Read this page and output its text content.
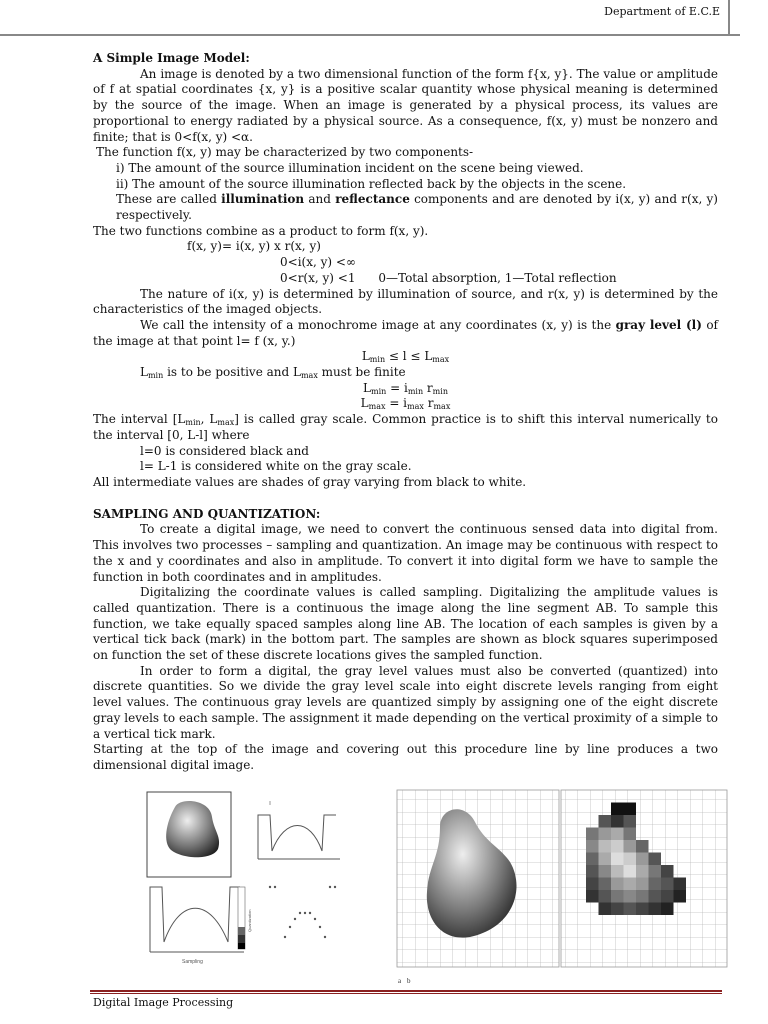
Department of E.C.E

A Simple Image Model:

An image is denoted by a two dimensional function of the form f{x, y}. The value or amplitude of f at spatial coordinates {x, y} is a positive scalar quantity whose physical meaning is determined by the source of the image. When an image is generated by a physical process, its values are proportional to energy radiated by a physical source. As a consequence, f(x, y) must be nonzero and finite; that is 0<f(x, y) <α.

The function f(x, y) may be characterized by two components-

i) The amount of the source illumination incident on the scene being viewed.

ii) The amount of the source illumination reflected back by the objects in the scene.

These are called illumination and reflectance components and are denoted by i(x, y) and r(x, y) respectively.

The two functions combine as a product to form f(x, y).

f(x, y)= i(x, y) x r(x, y)

0<i(x, y) <∞

0<r(x, y) <1      0—Total absorption, 1—Total reflection

The nature of i(x, y) is determined by illumination of source, and r(x, y) is determined by the characteristics of the imaged objects.

We call the intensity of a monochrome image at any coordinates (x, y) is the gray level (l) of the image at that point l= f (x, y.)

$L_{min} \le l \le L_{max}$

$L_{min}$ is to be positive and $L_{max}$ must be finite

$L_{min} = i_{min}$ $r_{min}$

$L_{max} = i_{max}$ $r_{max}$

The interval [$L_{min}$, $L_{max}$] is called gray scale. Common practice is to shift this interval numerically to the interval [0, L-l] where

l=0 is considered black and

l= L-1 is considered white on the gray scale.

All intermediate values are shades of gray varying from black to white.

SAMPLING AND QUANTIZATION:

To create a digital image, we need to convert the continuous sensed data into digital from. This involves two processes – sampling and quantization. An image may be continuous with respect to the x and y coordinates and also in amplitude. To convert it into digital form we have to sample the function in both coordinates and in amplitudes.

Digitalizing the coordinate values is called sampling. Digitalizing the amplitude values is called quantization. There is a continuous the image along the line segment AB. To sample this function, we take equally spaced samples along line AB. The location of each samples is given by a vertical tick back (mark) in the bottom part. The samples are shown as block squares superimposed on function the set of these discrete locations gives the sampled function.

In order to form a digital, the gray level values must also be converted (quantized) into discrete quantities. So we divide the gray level scale into eight discrete levels ranging from eight level values. The continuous gray levels are quantized simply by assigning one of the eight discrete gray levels to each sample. The assignment it made depending on the vertical proximity of a simple to a vertical tick mark.

Starting at the top of the image and covering out this procedure line by line produces a two dimensional digital image.

Sampling
Quantization
a b
Digital Image Processing
